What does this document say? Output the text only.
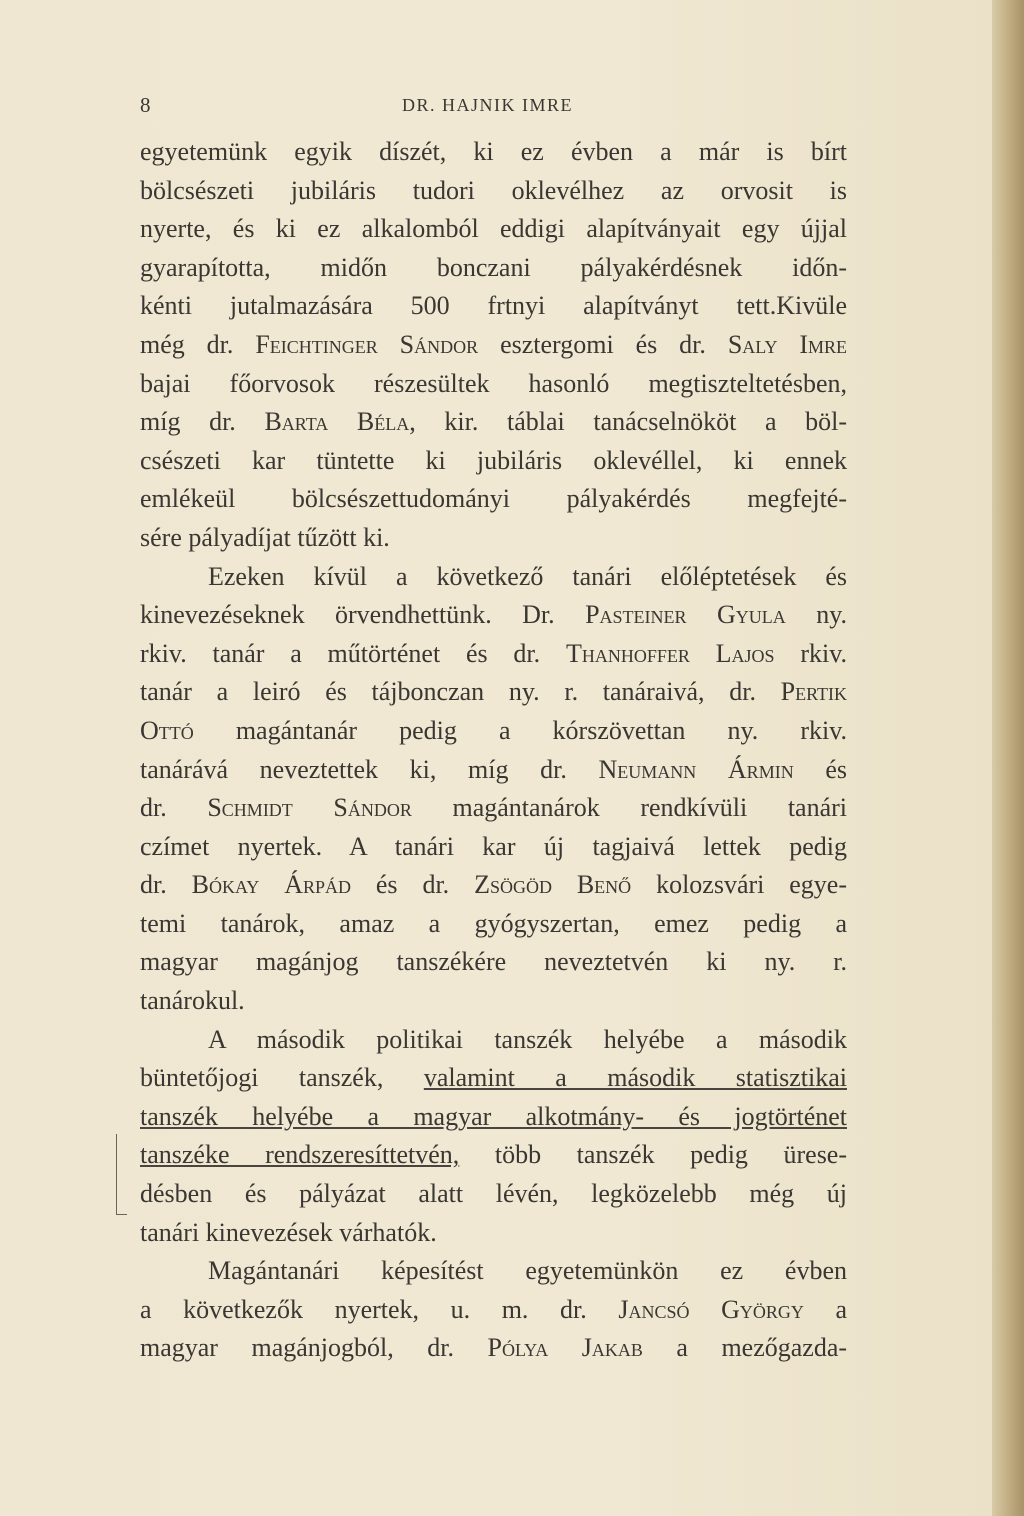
8	DR. HAJNIK IMRE
egyetemünk egyik díszét, ki ez évben a már is bírt
bölcsészeti jubiláris tudori oklevélhez az orvosit is
nyerte, és ki ez alkalomból eddigi alapítványait egy újjal
gyarapította, midőn bonczani pályakérdésnek időn-
kénti jutalmazására 500 frtnyi alapítványt tett.Kivüle
még dr. Feichtinger Sándor esztergomi és dr. Saly Imre
bajai főorvosok részesültek hasonló megtiszteltetésben,
míg dr. Barta Béla, kir. táblai tanácselnököt a böl-
csészeti kar tüntette ki jubiláris oklevéllel, ki ennek
emlékeül bölcsészettudományi pályakérdés megfejté-
sére pályadíjat tűzött ki.
Ezeken kívül a következő tanári előléptetések és
kinevezéseknek örvendhettünk. Dr. Pasteiner Gyula ny.
rkiv. tanár a műtörténet és dr. Thanhoffer Lajos rkiv.
tanár a leiró és tájbonczan ny. r. tanáraivá, dr. Pertik
Ottó magántanár pedig a kórszövettan ny. rkiv.
tanárává neveztettek ki, míg dr. Neumann Ármin és
dr. Schmidt Sándor magántanárok rendkívüli tanári
czímet nyertek. A tanári kar új tagjaivá lettek pedig
dr. Bókay Árpád és dr. Zsögöd Benő kolozsvári egye-
temi tanárok, amaz a gyógyszertan, emez pedig a
magyar magánjog tanszékére neveztetvén ki ny. r.
tanárokul.
A második politikai tanszék helyébe a második
büntetőjogi tanszék, valamint a második statisztikai
tanszék helyébe a magyar alkotmány- és jogtörténet
tanszéke rendszeresíttetvén, több tanszék pedig ürese-
désben és pályázat alatt lévén, legközelebb még új
tanári kinevezések várhatók.
Magántanári képesítést egyetemünkön ez évben
a következők nyertek, u. m. dr. Jancsó György a
magyar magánjogból, dr. Pólya Jakab a mezőgazda-
